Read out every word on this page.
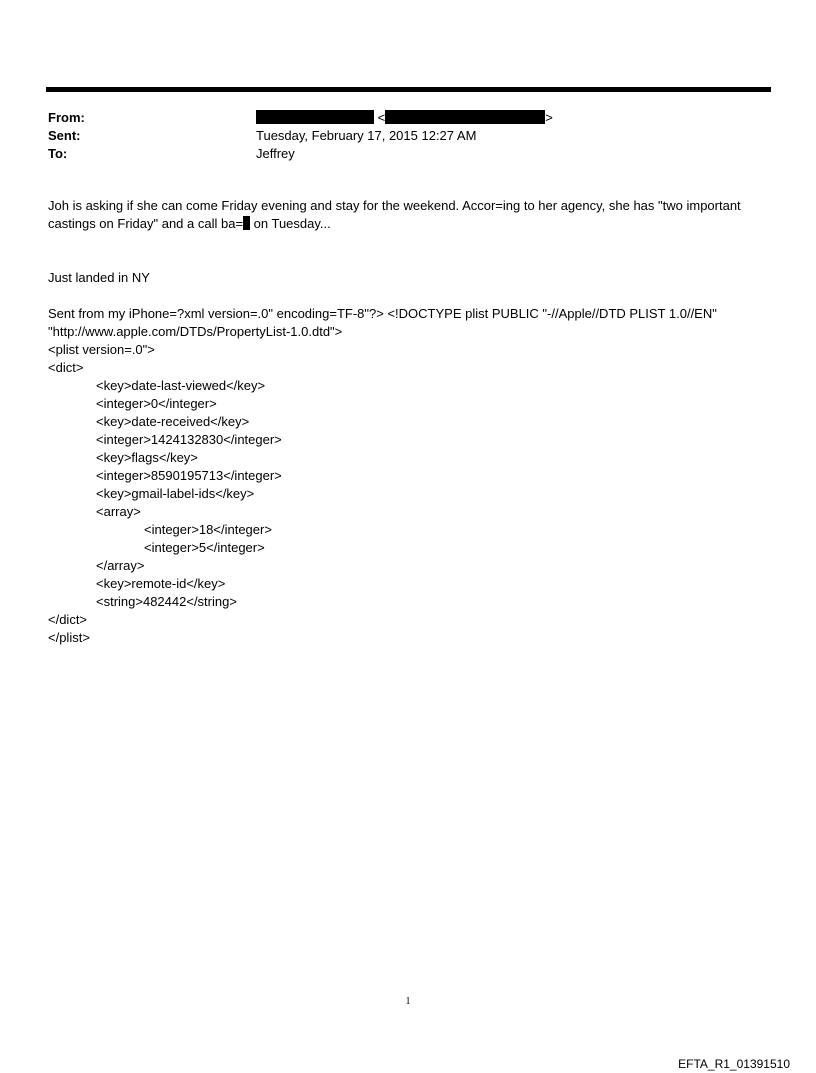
From:	<	>
Sent:	Tuesday, February 17, 2015 12:27 AM
To:	Jeffrey

Joh is asking if she can come Friday evening and stay for the weekend. Accor=ing to her agency, she has "two important castings on Friday" and a call ba= on Tuesday...

Just landed in NY

Sent from my iPhone=?xml version=.0" encoding=TF-8"?> <!DOCTYPE plist PUBLIC "-//Apple//DTD PLIST 1.0//EN"

"http://www.apple.com/DTDs/PropertyList-1.0.dtd">

<plist version=.0">
<dict>
<key>date-last-viewed</key>
<integer>0</integer>
<key>date-received</key>
<integer>1424132830</integer>
<key>flags</key>
<integer>8590195713</integer>
<key>gmail-label-ids</key>
<array>
<integer>18</integer>
<integer>5</integer>
</array>
<key>remote-id</key>
<string>482442</string>
</dict>
</plist>
1
EFTA_R1_01391510
